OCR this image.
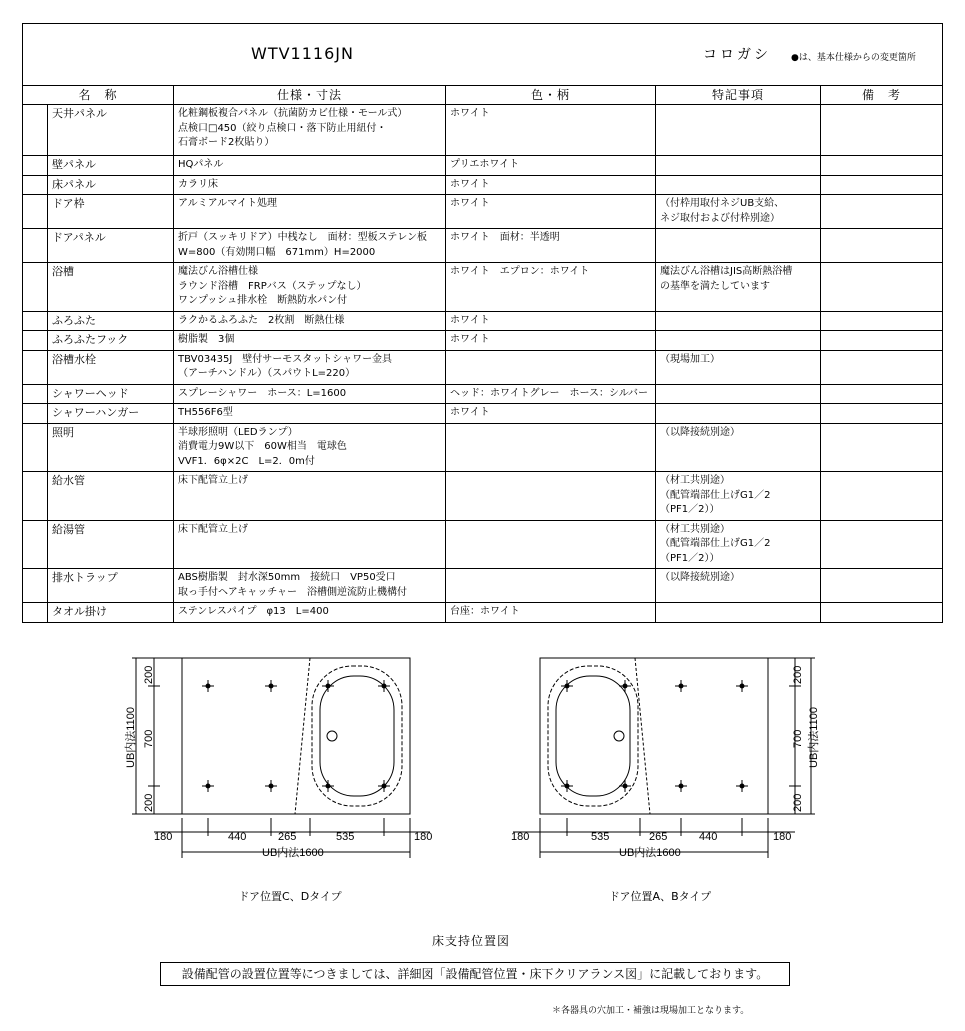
WTV1116JN コロガシ ●は、基本仕様からの変更箇所					

名　称		仕様・寸法	色・柄	特記事項	備　考
	天井パネル	化粧鋼板複合パネル（抗菌防カビ仕様・モール式）
点検口□450（絞り点検口・落下防止用紐付・
石膏ボード2枚貼り）	ホワイト		
	壁パネル	HQパネル	プリエホワイト		
	床パネル	カラリ床	ホワイト		
	ドア枠	アルミアルマイト処理	ホワイト	（付枠用取付ネジUB支給、
ネジ取付および付枠別途）	
	ドアパネル	折戸（スッキリドア）中桟なし　面材：型板ステレン板
W=800（有効開口幅　671mm）H=2000	ホワイト　面材：半透明		
	浴槽	魔法びん浴槽仕様
ラウンド浴槽　FRPバス（ステップなし）
ワンプッシュ排水栓　断熱防水パン付	ホワイト　エプロン：ホワイト	魔法びん浴槽はJIS高断熱浴槽
の基準を満たしています	
	ふろふた	ラクかるふろふた　2枚割　断熱仕様	ホワイト		
	ふろふたフック	樹脂製　3個	ホワイト		
	浴槽水栓	TBV03435J　壁付サーモスタットシャワー金具
（アーチハンドル）（スパウトL=220）		（現場加工）	
	シャワーヘッド	スプレーシャワー　ホース：L=1600	ヘッド：ホワイトグレー　ホース：シルバー		
	シャワーハンガー	TH556F6型	ホワイト		
	照明	半球形照明（LEDランプ）
消費電力9W以下　60W相当　電球色
VVF1．6φ×2C　L=2．0m付		（以降接続別途）	
	給水管	床下配管立上げ		（材工共別途）
（配管端部仕上げG1／2
（PF1／2））	
	給湯管	床下配管立上げ		（材工共別途）
（配管端部仕上げG1／2
（PF1／2））	
	排水トラップ	ABS樹脂製　封水深50mm　接続口　VP50受口
取っ手付ヘアキャッチャー　浴槽側逆流防止機構付		（以降接続別途）	
	タオル掛け	ステンレスパイプ　φ13　L=400	台座：ホワイト		
180	440	265	535	180
UB内法1600
200
700
200
UB内法1100
180	535	265	440	180
UB内法1600
200
700
200
UB内法1100
ドア位置C、Dタイプ	ドア位置A、Bタイプ
床支持位置図
設備配管の設置位置等につきましては、詳細図「設備配管位置・床下クリアランス図」に記載しております。
＊各器具の穴加工・補強は現場加工となります。
